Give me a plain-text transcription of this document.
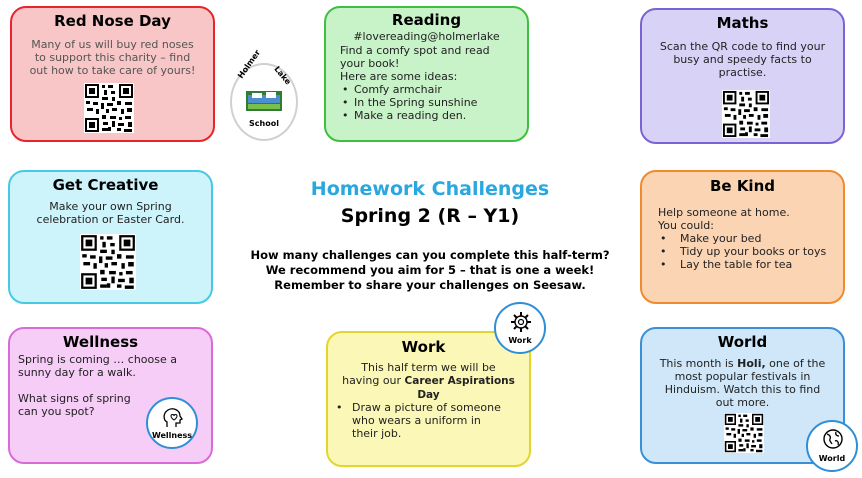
Red Nose Day
Many of us will buy red noses
to support this charity – find
out how to take care of yours!	Holmer Lake
School
Reading
#lovereading@holmerlake
Find a comfy spot and read
your book!
Here are some ideas:
• Comfy armchair
• In the Spring sunshine
• Make a reading den.
Maths
Scan the QR code to find your
busy and speedy facts to
practise.
Get Creative
Make your own Spring
celebration or Easter Card.
Homework Challenges
Spring 2 (R – Y1)
How many challenges can you complete this half-term?
We recommend you aim for 5 – that is one a week!
Remember to share your challenges on Seesaw.
Be Kind
Help someone at home.
You could:
• Make your bed
• Tidy up your books or toys
• Lay the table for tea
Wellness
Spring is coming … choose a
sunny day for a walk.
What signs of spring
can you spot?
Wellness
Work
This half term we will be
having our Career Aspirations
Day
• Draw a picture of someone
who wears a uniform in
their job.
Work	World
This month is Holi, one of the
most popular festivals in
Hinduism. Watch this to find
out more.
World
